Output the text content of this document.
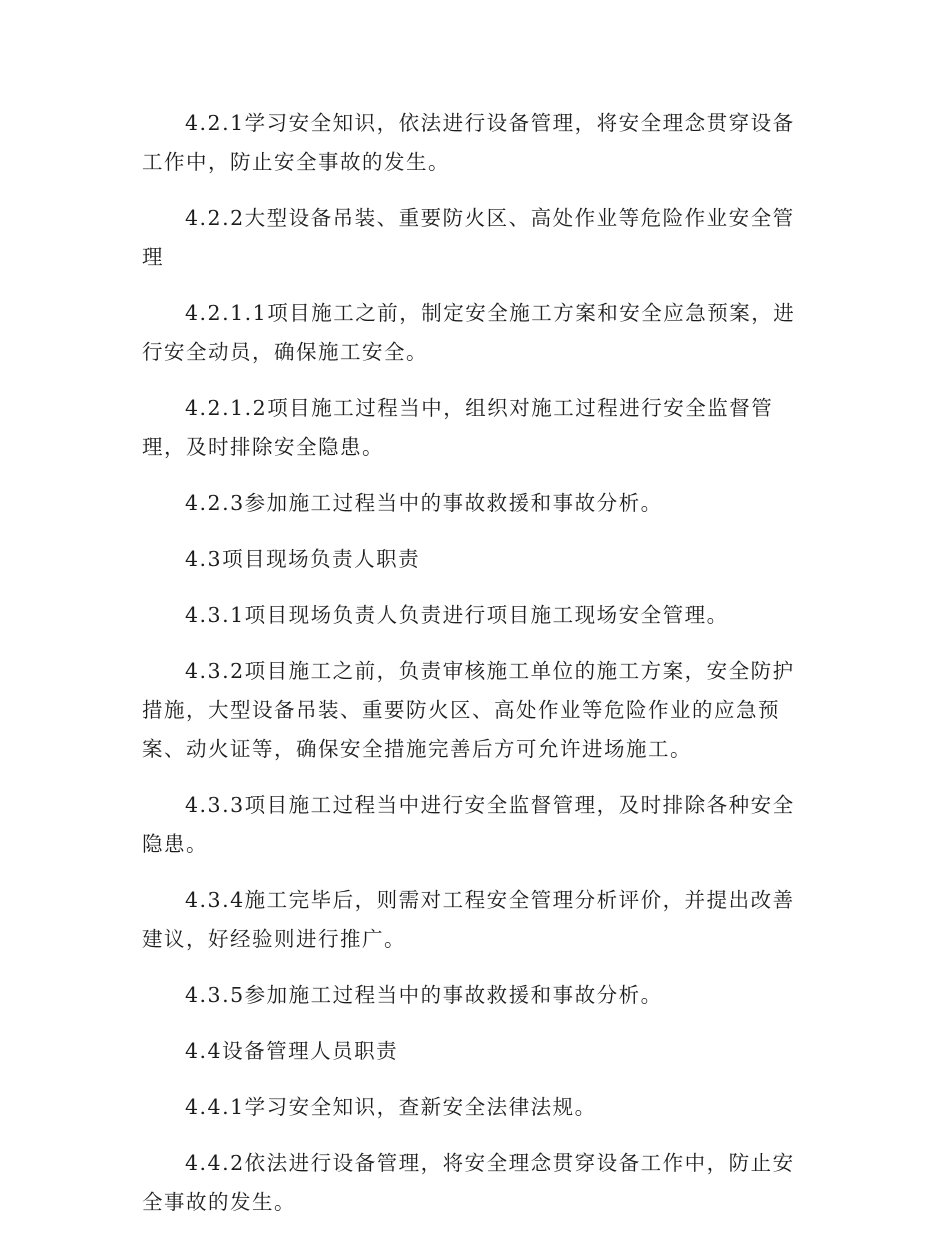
4.2.1学习安全知识，依法进行设备管理，将安全理念贯穿设备工作中，防止安全事故的发生。

4.2.2大型设备吊装、重要防火区、高处作业等危险作业安全管理

4.2.1.1项目施工之前，制定安全施工方案和安全应急预案，进行安全动员，确保施工安全。

4.2.1.2项目施工过程当中，组织对施工过程进行安全监督管理，及时排除安全隐患。

4.2.3参加施工过程当中的事故救援和事故分析。

4.3项目现场负责人职责

4.3.1项目现场负责人负责进行项目施工现场安全管理。

4.3.2项目施工之前，负责审核施工单位的施工方案，安全防护措施，大型设备吊装、重要防火区、高处作业等危险作业的应急预案、动火证等，确保安全措施完善后方可允许进场施工。

4.3.3项目施工过程当中进行安全监督管理，及时排除各种安全隐患。

4.3.4施工完毕后，则需对工程安全管理分析评价，并提出改善建议，好经验则进行推广。

4.3.5参加施工过程当中的事故救援和事故分析。

4.4设备管理人员职责

4.4.1学习安全知识，查新安全法律法规。

4.4.2依法进行设备管理，将安全理念贯穿设备工作中，防止安全事故的发生。
